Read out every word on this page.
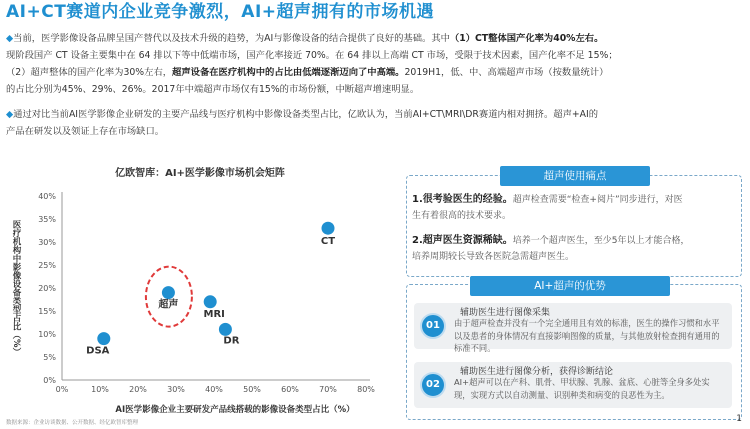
AI+CT赛道内企业竞争激烈，AI+超声拥有的市场机遇
◆当前，医学影像设备品牌呈国产替代以及技术升级的趋势，为AI与影像设备的结合提供了良好的基础。其中（1）CT整体国产化率为40%左右。
现阶段国产 CT 设备主要集中在 64 排以下等中低端市场，国产化率接近 70%。在 64 排以上高端 CT 市场，受限于技术因素，国产化率不足 15%；
（2）超声整体的国产化率为30%左右，超声设备在医疗机构中的占比由低端逐渐迈向了中高端。2019H1，低、中、高端超声市场（按数量统计）
的占比分别为45%、29%、26%。2017年中端超声市场仅有15%的市场份额，中断超声增速明显。
◆通过对比当前AI医学影像企业研发的主要产品线与医疗机构中影像设备类型占比，亿欧认为，当前AI+CT\MRI\DR赛道内相对拥挤。超声+AI的
产品在研发以及领证上存在市场缺口。
亿欧智库：AI+医学影像市场机会矩阵
0%
5%
10%
15%
20%
25%
30%
35%
40%
0%	10%	20%	30%	40%	50%	60%	70%	80%
AI医学影像企业主要研发产品线搭载的影像设备类型占比（%）
医疗机构中影像设备类型占比（%）	CT
超声
MRI
DR
DSA
超声使用痛点
1.很考验医生的经验。超声检查需要“检查+阅片”同步进行，对医
生有着很高的技术要求。
2.超声医生资源稀缺。培养一个超声医生，至少5年以上才能合格，
培养周期较长导致各医院急需超声医生。
AI+超声的优势
01
辅助医生进行图像采集
由于超声检查并没有一个完全通用且有效的标准，医生的操作习惯和水平以及患者的身体情况有直接影响图像的质量，与其他放射检查拥有通用的标准不同。
02
辅助医生进行图像分析，获得诊断结论
AI+超声可以在产科、肌骨、甲状腺、乳腺、盆底、心脏等全身多处实现，实现方式以自动测量、识别种类和病变的良恶性为主。
数据来源：企业访谈数据、公开数据、经亿欧智库整理	1
